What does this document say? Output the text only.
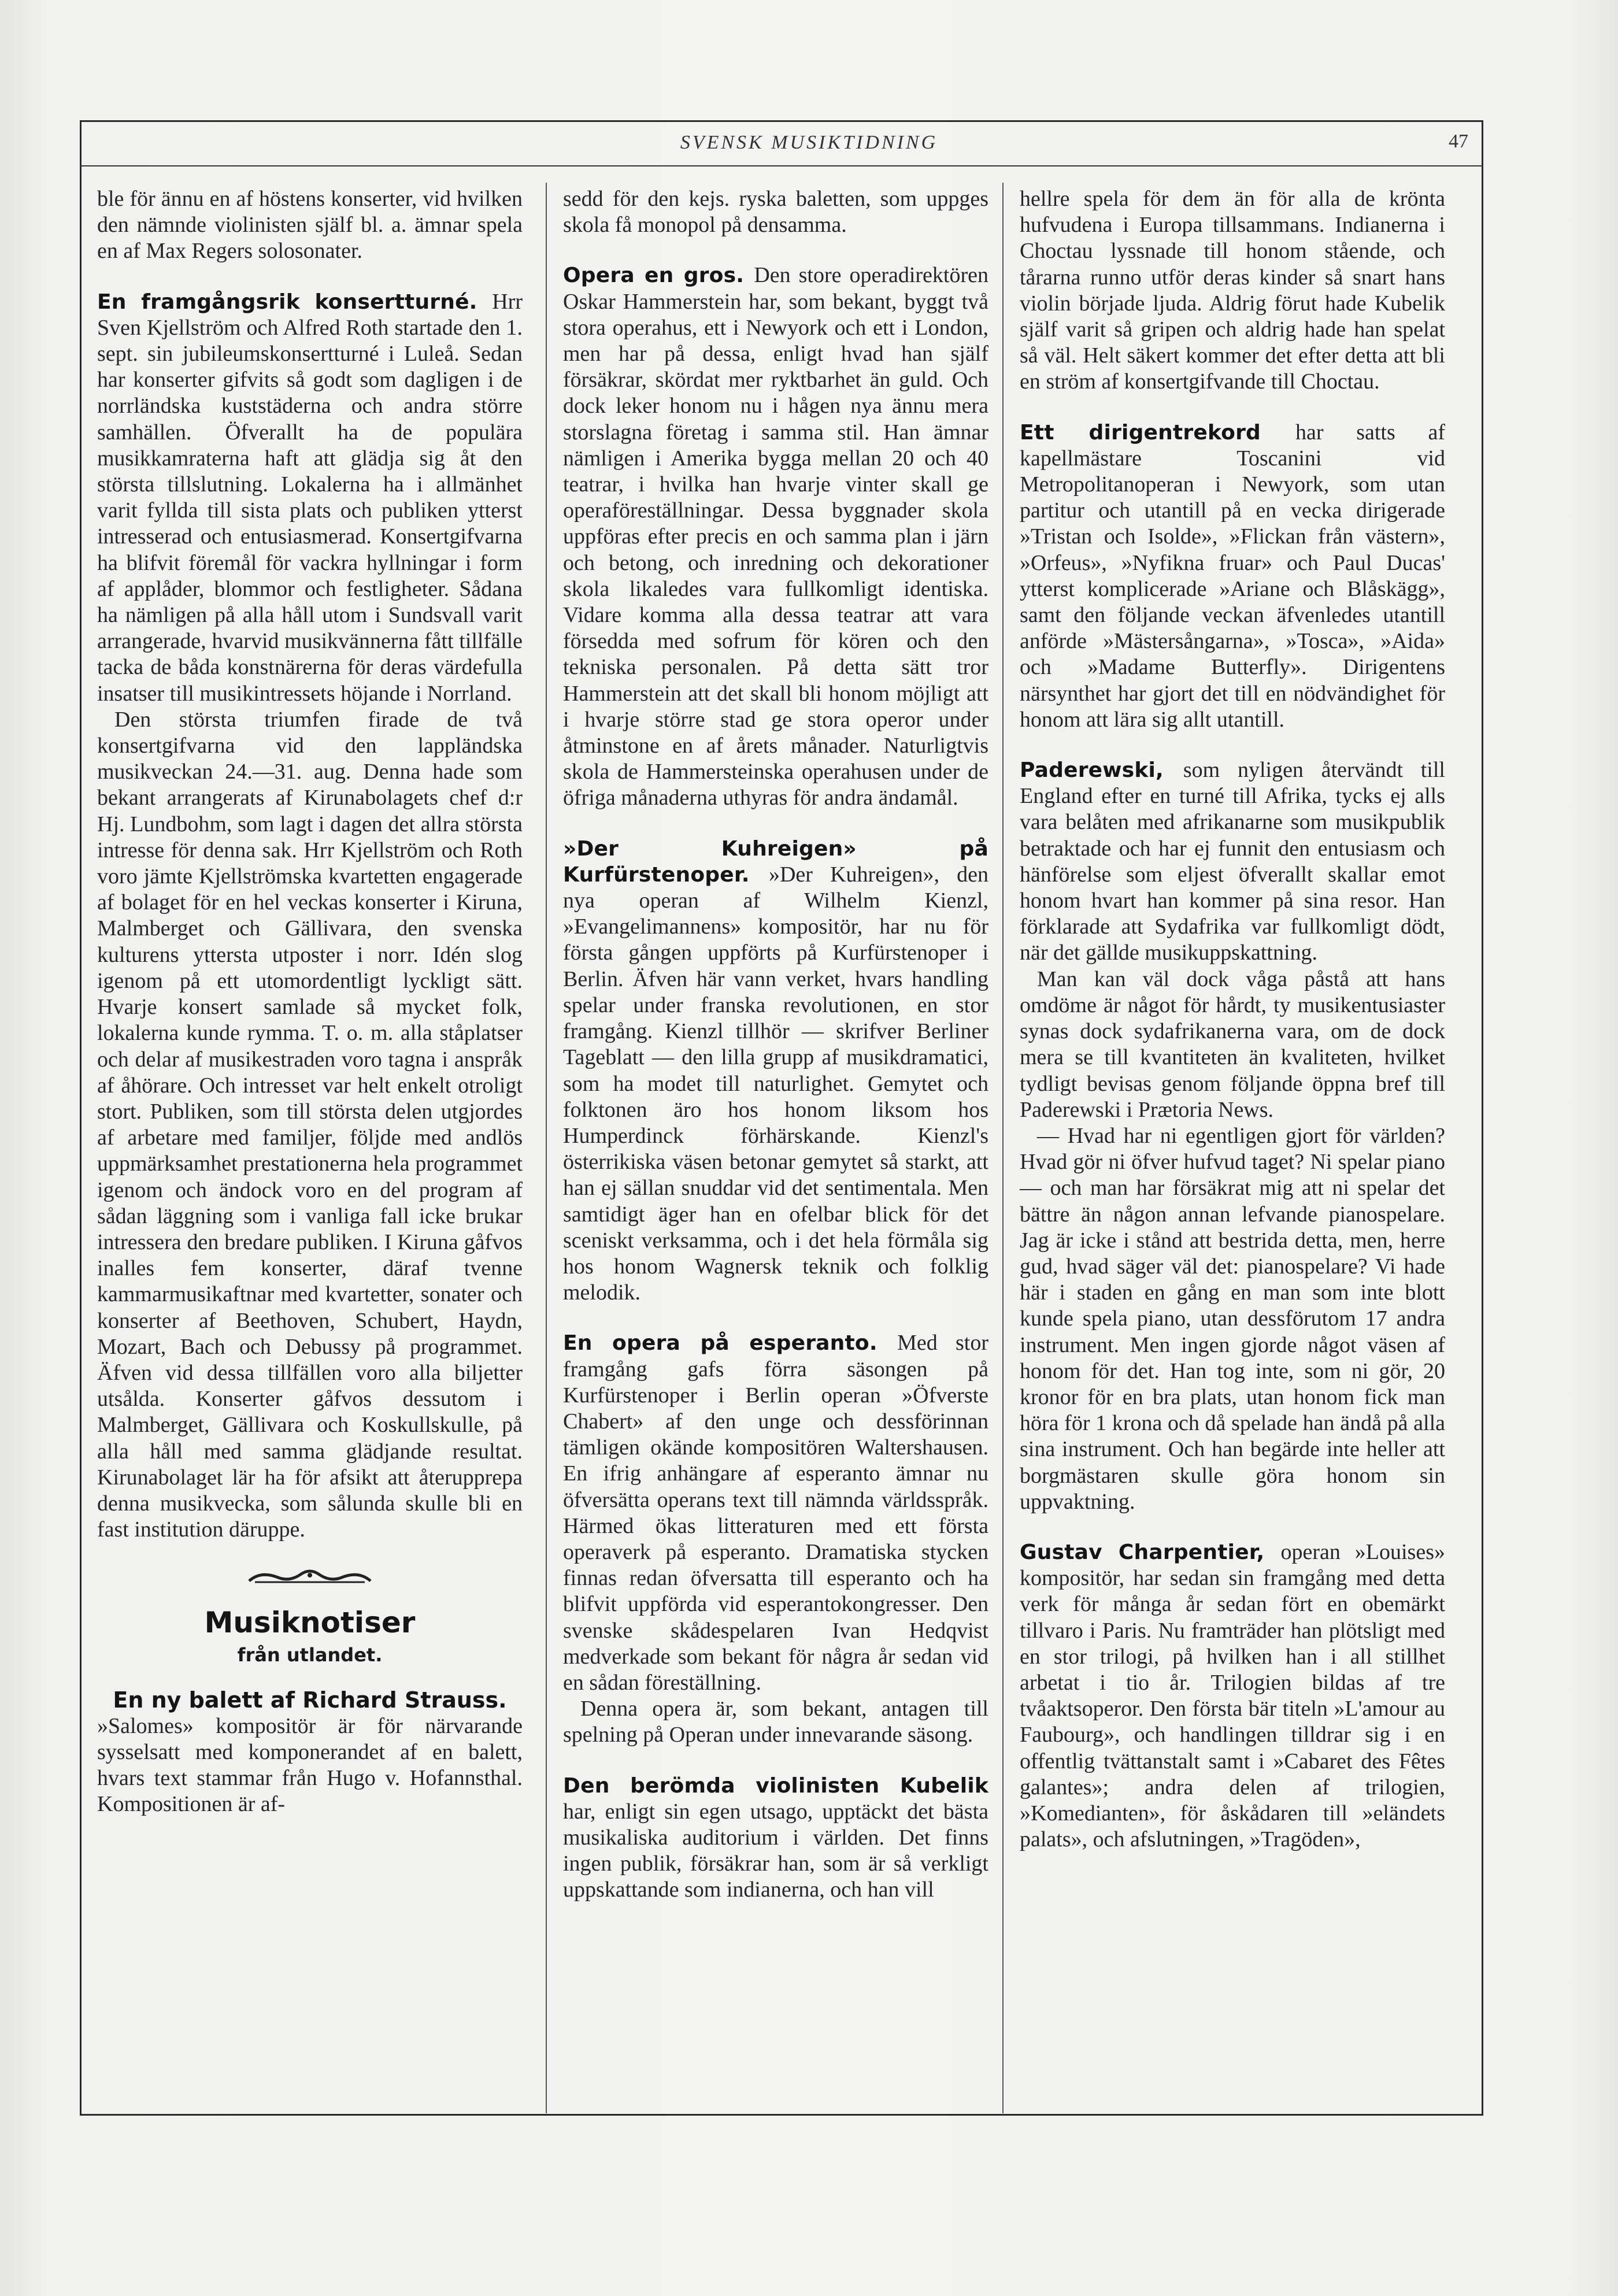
SVENSK MUSIKTIDNING	47

ble för ännu en af höstens konserter, vid hvilken den nämnde violinisten själf bl. a. ämnar spela en af Max Regers solosonater.

En framgångsrik konsertturné. Hrr Sven Kjellström och Alfred Roth startade den 1. sept. sin jubileumskonsertturné i Luleå. Sedan har konserter gifvits så godt som dagligen i de norrländska kuststäderna och andra större samhällen. Öfverallt ha de populära musikkamraterna haft att glädja sig åt den största tillslutning. Lokalerna ha i allmänhet varit fyllda till sista plats och publiken ytterst intresserad och entusiasmerad. Konsertgifvarna ha blifvit föremål för vackra hyllningar i form af applåder, blommor och festligheter. Sådana ha nämligen på alla håll utom i Sundsvall varit arrangerade, hvarvid musikvännerna fått tillfälle tacka de båda konstnärerna för deras värdefulla insatser till musikintressets höjande i Norrland.

Den största triumfen firade de två konsertgifvarna vid den lappländska musikveckan 24.—31. aug. Denna hade som bekant arrangerats af Kirunabolagets chef d:r Hj. Lundbohm, som lagt i dagen det allra största intresse för denna sak. Hrr Kjellström och Roth voro jämte Kjellströmska kvartetten engagerade af bolaget för en hel veckas konserter i Kiruna, Malmberget och Gällivara, den svenska kulturens yttersta utposter i norr. Idén slog igenom på ett utomordentligt lyckligt sätt. Hvarje konsert samlade så mycket folk, lokalerna kunde rymma. T. o. m. alla ståplatser och delar af musikestraden voro tagna i anspråk af åhörare. Och intresset var helt enkelt otroligt stort. Publiken, som till största delen utgjordes af arbetare med familjer, följde med andlös uppmärksamhet prestationerna hela programmet igenom och ändock voro en del program af sådan läggning som i vanliga fall icke brukar intressera den bredare publiken. I Kiruna gåfvos inalles fem konserter, däraf tvenne kammarmusikaftnar med kvartetter, sonater och konserter af Beethoven, Schubert, Haydn, Mozart, Bach och Debussy på programmet. Äfven vid dessa tillfällen voro alla biljetter utsålda. Konserter gåfvos dessutom i Malmberget, Gällivara och Koskullskulle, på alla håll med samma glädjande resultat. Kirunabolaget lär ha för afsikt att återupprepa denna musikvecka, som sålunda skulle bli en fast institution däruppe.

Musiknotiser
från utlandet.
En ny balett af Richard Strauss.

»Salomes» kompositör är för närvarande sysselsatt med komponerandet af en balett, hvars text stammar från Hugo v. Hofannsthal. Kompositionen är af-

sedd för den kejs. ryska baletten, som uppges skola få monopol på densamma.

Opera en gros. Den store operadirektören Oskar Hammerstein har, som bekant, byggt två stora operahus, ett i Newyork och ett i London, men har på dessa, enligt hvad han själf försäkrar, skördat mer ryktbarhet än guld. Och dock leker honom nu i hågen nya ännu mera storslagna företag i samma stil. Han ämnar nämligen i Amerika bygga mellan 20 och 40 teatrar, i hvilka han hvarje vinter skall ge operaföreställningar. Dessa byggnader skola uppföras efter precis en och samma plan i järn och betong, och inredning och dekorationer skola likaledes vara fullkomligt identiska. Vidare komma alla dessa teatrar att vara försedda med sofrum för kören och den tekniska personalen. På detta sätt tror Hammerstein att det skall bli honom möjligt att i hvarje större stad ge stora operor under åtminstone en af årets månader. Naturligtvis skola de Hammersteinska operahusen under de öfriga månaderna uthyras för andra ändamål.

»Der Kuhreigen» på Kurfürstenoper. »Der Kuhreigen», den nya operan af Wilhelm Kienzl, »Evangelimannens» kompositör, har nu för första gången uppförts på Kurfürstenoper i Berlin. Äfven här vann verket, hvars handling spelar under franska revolutionen, en stor framgång. Kienzl tillhör — skrifver Berliner Tageblatt — den lilla grupp af musikdramatici, som ha modet till naturlighet. Gemytet och folktonen äro hos honom liksom hos Humperdinck förhärskande. Kienzl's österrikiska väsen betonar gemytet så starkt, att han ej sällan snuddar vid det sentimentala. Men samtidigt äger han en ofelbar blick för det sceniskt verksamma, och i det hela förmåla sig hos honom Wagnersk teknik och folklig melodik.

En opera på esperanto. Med stor framgång gafs förra säsongen på Kurfürstenoper i Berlin operan »Öfverste Chabert» af den unge och dessförinnan tämligen okände kompositören Waltershausen. En ifrig anhängare af esperanto ämnar nu öfversätta operans text till nämnda världsspråk. Härmed ökas litteraturen med ett första operaverk på esperanto. Dramatiska stycken finnas redan öfversatta till esperanto och ha blifvit uppförda vid esperantokongresser. Den svenske skådespelaren Ivan Hedqvist medverkade som bekant för några år sedan vid en sådan föreställning.

Denna opera är, som bekant, antagen till spelning på Operan under innevarande säsong.

Den berömda violinisten Kubelik har, enligt sin egen utsago, upptäckt det bästa musikaliska auditorium i världen. Det finns ingen publik, försäkrar han, som är så verkligt uppskattande som indianerna, och han vill

hellre spela för dem än för alla de krönta hufvudena i Europa tillsammans. Indianerna i Choctau lyssnade till honom stående, och tårarna runno utför deras kinder så snart hans violin började ljuda. Aldrig förut hade Kubelik själf varit så gripen och aldrig hade han spelat så väl. Helt säkert kommer det efter detta att bli en ström af konsertgifvande till Choctau.

Ett dirigentrekord har satts af kapellmästare Toscanini vid Metropolitanoperan i Newyork, som utan partitur och utantill på en vecka dirigerade »Tristan och Isolde», »Flickan från västern», »Orfeus», »Nyfikna fruar» och Paul Ducas' ytterst komplicerade »Ariane och Blåskägg», samt den följande veckan äfvenledes utantill anförde »Mästersångarna», »Tosca», »Aida» och »Madame Butterfly». Dirigentens närsynthet har gjort det till en nödvändighet för honom att lära sig allt utantill.

Paderewski, som nyligen återvändt till England efter en turné till Afrika, tycks ej alls vara belåten med afrikanarne som musikpublik betraktade och har ej funnit den entusiasm och hänförelse som eljest öfverallt skallar emot honom hvart han kommer på sina resor. Han förklarade att Sydafrika var fullkomligt dödt, när det gällde musikuppskattning.

Man kan väl dock våga påstå att hans omdöme är något för hårdt, ty musikentusiaster synas dock sydafrikanerna vara, om de dock mera se till kvantiteten än kvaliteten, hvilket tydligt bevisas genom följande öppna bref till Paderewski i Prætoria News.

— Hvad har ni egentligen gjort för världen? Hvad gör ni öfver hufvud taget? Ni spelar piano — och man har försäkrat mig att ni spelar det bättre än någon annan lefvande pianospelare. Jag är icke i stånd att bestrida detta, men, herre gud, hvad säger väl det: pianospelare? Vi hade här i staden en gång en man som inte blott kunde spela piano, utan dessförutom 17 andra instrument. Men ingen gjorde något väsen af honom för det. Han tog inte, som ni gör, 20 kronor för en bra plats, utan honom fick man höra för 1 krona och då spelade han ändå på alla sina instrument. Och han begärde inte heller att borgmästaren skulle göra honom sin uppvaktning.

Gustav Charpentier, operan »Louises» kompositör, har sedan sin framgång med detta verk för många år sedan fört en obemärkt tillvaro i Paris. Nu framträder han plötsligt med en stor trilogi, på hvilken han i all stillhet arbetat i tio år. Trilogien bildas af tre tvåaktsoperor. Den första bär titeln »L'amour au Faubourg», och handlingen tilldrar sig i en offentlig tvättanstalt samt i »Cabaret des Fêtes galantes»; andra delen af trilogien, »Komedianten», för åskådaren till »eländets palats», och afslutningen, »Tragöden»,
